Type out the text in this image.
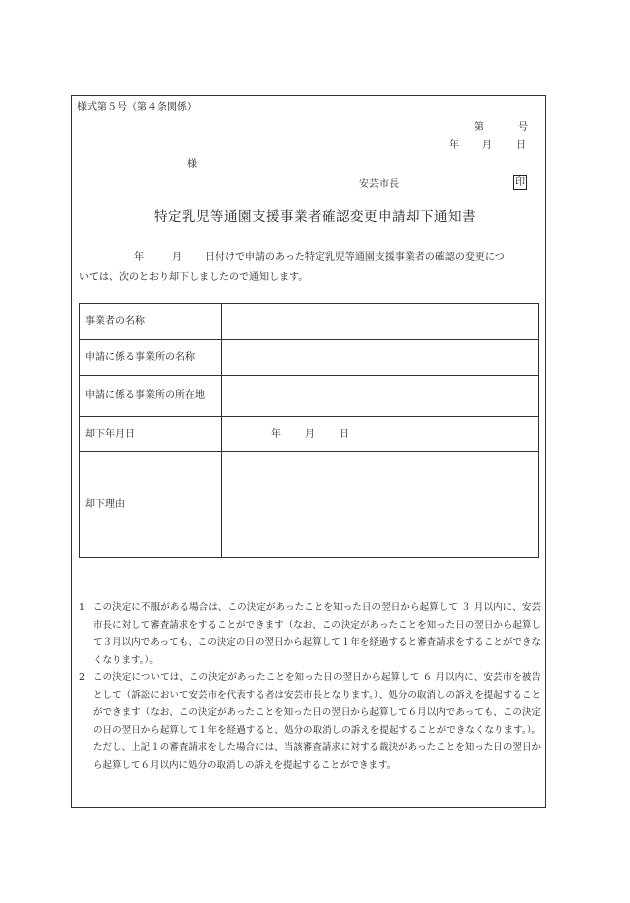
様式第５号（第４条関係）
第	号
年 月 日
様
安芸市長	印
特定乳児等通園支援事業者確認変更申請却下通知書
年	月 日付けで申請のあった特定乳児等通園支援事業者の確認の変更につ
いては、次のとおり却下しましたので通知します。
事業者の名称	
申請に係る事業所の名称	
申請に係る事業所の所在地	
却下年月日	年 月 日
却下理由	

1 この決定に不服がある場合は、この決定があったことを知った日の翌日から起算して ３ 月以内に、安芸市長に対して審査請求をすることができます（なお、この決定があったことを知った日の翌日から起算して３月以内であっても、この決定の日の翌日から起算して１年を経過すると審査請求をすることができなくなります。）。

2 この決定については、この決定があったことを知った日の翌日から起算して ６ 月以内に、安芸市を被告として（訴訟において安芸市を代表する者は安芸市長となります。）、処分の取消しの訴えを提起することができます（なお、この決定があったことを知った日の翌日から起算して６月以内であっても、この決定の日の翌日から起算して１年を経過すると、処分の取消しの訴えを提起することができなくなります。）。ただし、上記１の審査請求をした場合には、当該審査請求に対する裁決があったことを知った日の翌日から起算して６月以内に処分の取消しの訴えを提起することができます。
